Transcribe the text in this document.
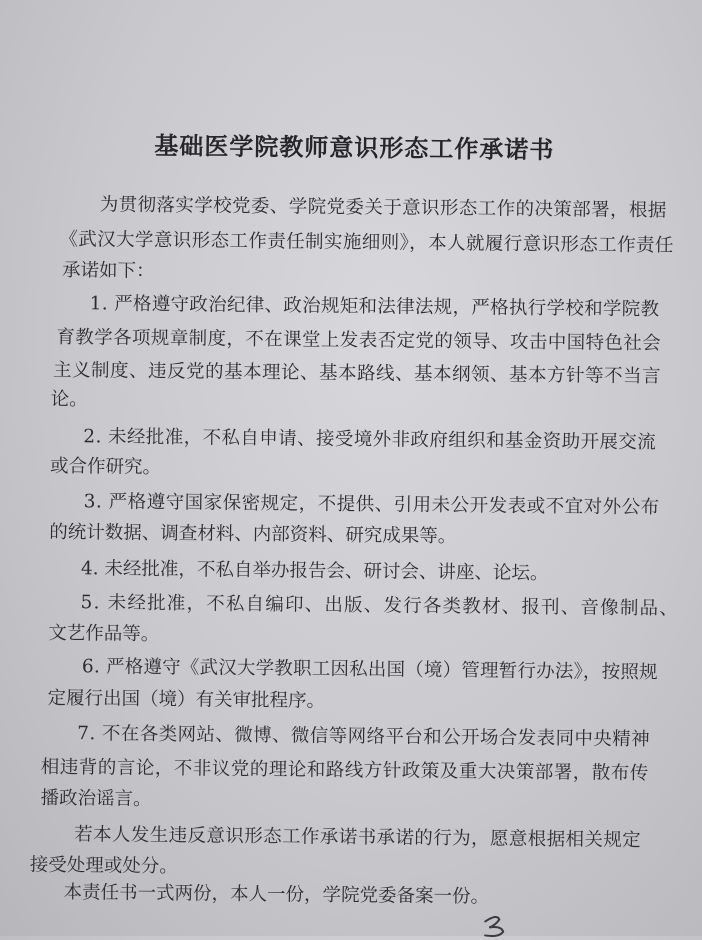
基础医学院教师意识形态工作承诺书
为贯彻落实学校党委、学院党委关于意识形态工作的决策部署，根据
《武汉大学意识形态工作责任制实施细则》，本人就履行意识形态工作责任
承诺如下：
1. 严格遵守政治纪律、政治规矩和法律法规，严格执行学校和学院教
育教学各项规章制度，不在课堂上发表否定党的领导、攻击中国特色社会
主义制度、违反党的基本理论、基本路线、基本纲领、基本方针等不当言
论。
2. 未经批准，不私自申请、接受境外非政府组织和基金资助开展交流
或合作研究。
3. 严格遵守国家保密规定，不提供、引用未公开发表或不宜对外公布
的统计数据、调查材料、内部资料、研究成果等。
4. 未经批准，不私自举办报告会、研讨会、讲座、论坛。
5. 未经批准，不私自编印、出版、发行各类教材、报刊、音像制品、
文艺作品等。
6. 严格遵守《武汉大学教职工因私出国（境）管理暂行办法》，按照规
定履行出国（境）有关审批程序。
7. 不在各类网站、微博、微信等网络平台和公开场合发表同中央精神
相违背的言论，不非议党的理论和路线方针政策及重大决策部署，散布传
播政治谣言。
若本人发生违反意识形态工作承诺书承诺的行为，愿意根据相关规定
接受处理或处分。
本责任书一式两份，本人一份，学院党委备案一份。
